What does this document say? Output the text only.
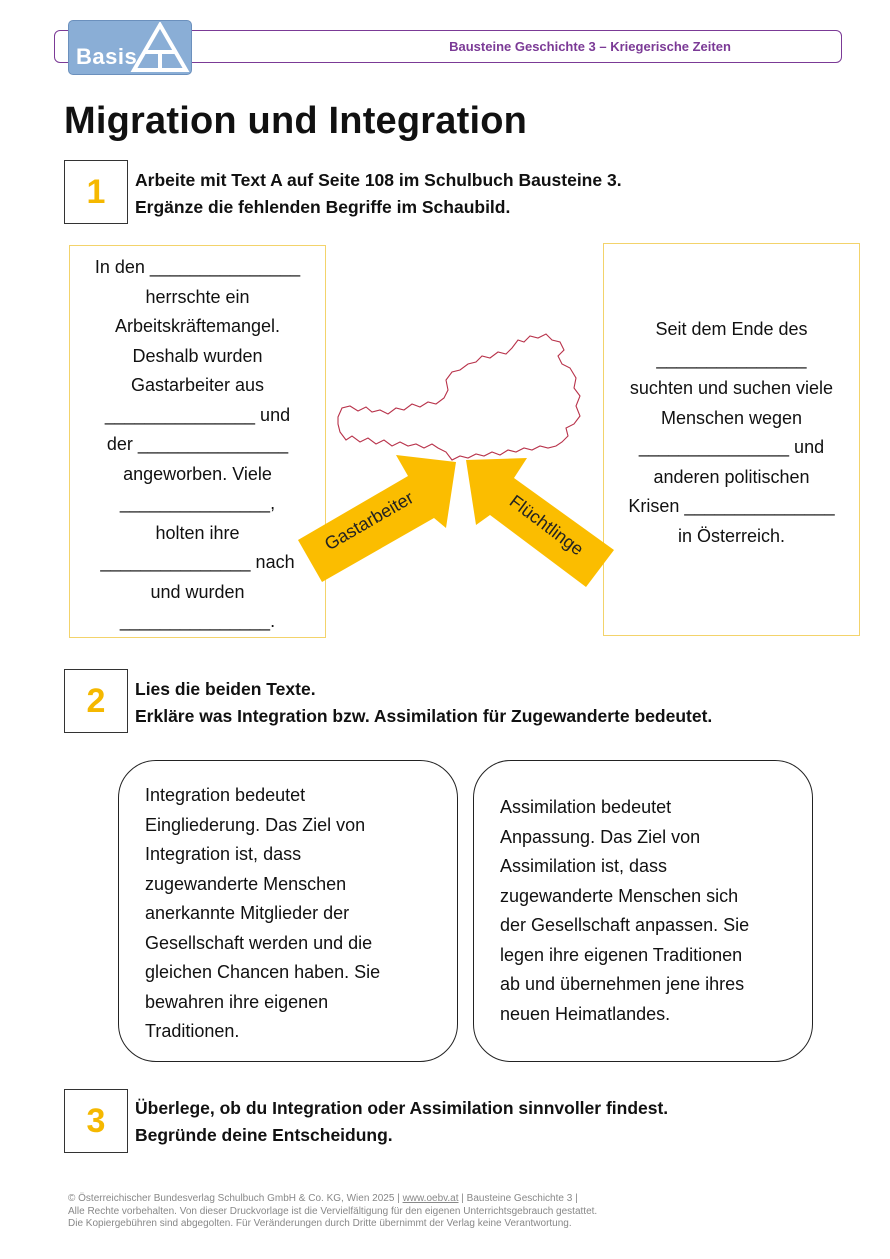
Bausteine Geschichte 3 – Kriegerische Zeiten
Basis
Migration und Integration
1	Arbeite mit Text A auf Seite 108 im Schulbuch Bausteine 3.
Ergänze die fehlenden Begriffe im Schaubild.
In den _______________
herrschte ein
Arbeitskräftemangel.
Deshalb wurden
Gastarbeiter aus
_______________ und
der _______________
angeworben. Viele
_______________,
holten ihre
_______________ nach
und wurden
_______________.
Seit dem Ende des
_______________
suchten und suchen viele
Menschen wegen
_______________ und
anderen politischen
Krisen _______________
in Österreich.
Gastarbeiter	Flüchtlinge
2	Lies die beiden Texte.
Erkläre was Integration bzw. Assimilation für Zugewanderte bedeutet.
Integration bedeutet
Eingliederung. Das Ziel von
Integration ist, dass
zugewanderte Menschen
anerkannte Mitglieder der
Gesellschaft werden und die
gleichen Chancen haben. Sie
bewahren ihre eigenen
Traditionen.
Assimilation bedeutet
Anpassung. Das Ziel von
Assimilation ist, dass
zugewanderte Menschen sich
der Gesellschaft anpassen. Sie
legen ihre eigenen Traditionen
ab und übernehmen jene ihres
neuen Heimatlandes.
3	Überlege, ob du Integration oder Assimilation sinnvoller findest.
Begründe deine Entscheidung.
© Österreichischer Bundesverlag Schulbuch GmbH & Co. KG, Wien 2025 | www.oebv.at | Bausteine Geschichte 3 |
Alle Rechte vorbehalten. Von dieser Druckvorlage ist die Vervielfältigung für den eigenen Unterrichtsgebrauch gestattet.
Die Kopiergebühren sind abgegolten. Für Veränderungen durch Dritte übernimmt der Verlag keine Verantwortung.
